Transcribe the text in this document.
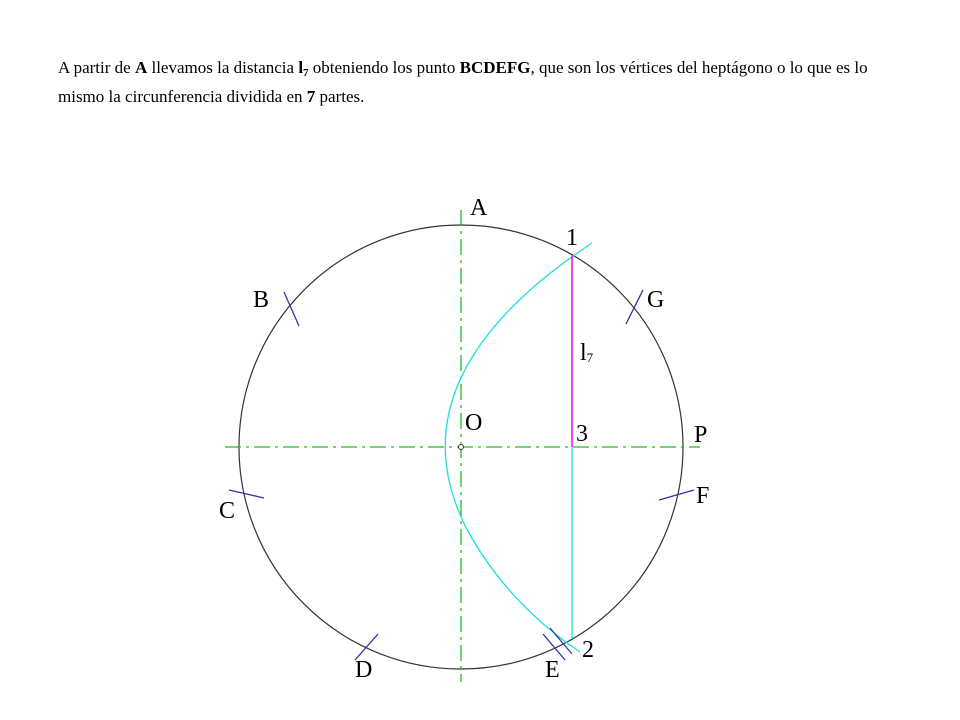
A partir de A llevamos la distancia $l_7$ obteniendo los punto BCDEFG, que son los vértices del heptágono o lo que es lo mismo la circunferencia dividida en 7 partes.
A
1
B	G
l7
O	3	P
F
C
2
D	E
